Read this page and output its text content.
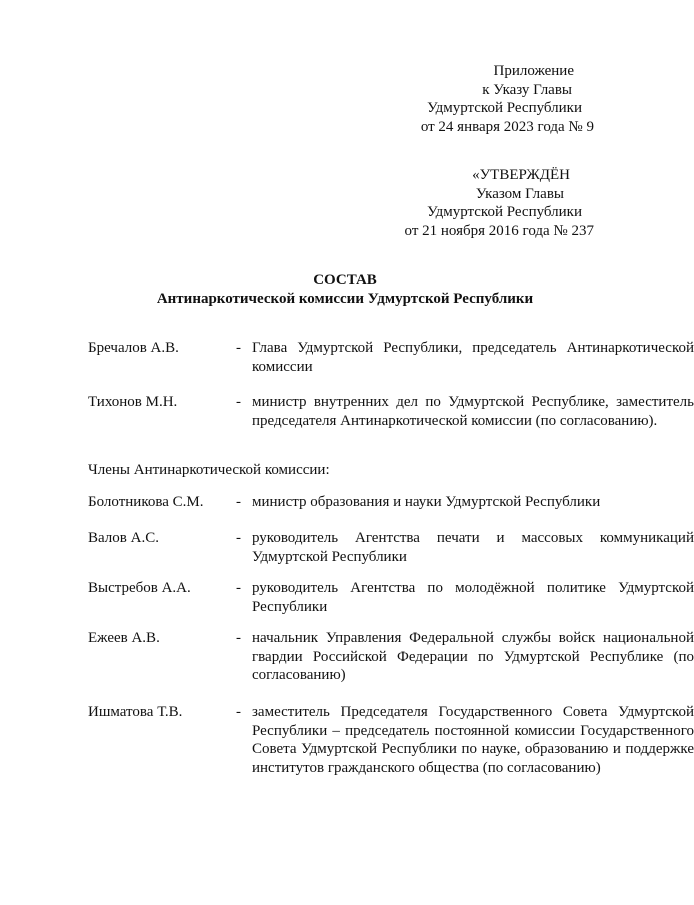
Приложение
к Указу Главы
Удмуртской Республики
от 24 января 2023 года № 9
«УТВЕРЖДЁН
Указом Главы
Удмуртской Республики
от 21 ноября 2016 года № 237
СОСТАВ
Антинаркотической комиссии Удмуртской Республики
Бречалов А.В.	- Глава Удмуртской Республики, председатель Антинаркотической комиссии
Тихонов М.Н.	- министр внутренних дел по Удмуртской Республике, заместитель председателя Антинаркотической комиссии (по согласованию).
Члены Антинаркотической комиссии:
Болотникова С.М. - министр образования и науки Удмуртской Республики
Валов А.С.	- руководитель Агентства печати и массовых коммуникаций Удмуртской Республики
Выстребов А.А.	- руководитель Агентства по молодёжной политике Удмуртской Республики
Ежеев А.В.	- начальник Управления Федеральной службы войск национальной гвардии Российской Федерации по Удмуртской Республике (по согласованию)
Ишматова Т.В.	- заместитель Председателя Государственного Совета Удмуртской Республики – председатель постоянной комиссии Государственного Совета Удмуртской Республики по науке, образованию и поддержке институтов гражданского общества (по согласованию)
